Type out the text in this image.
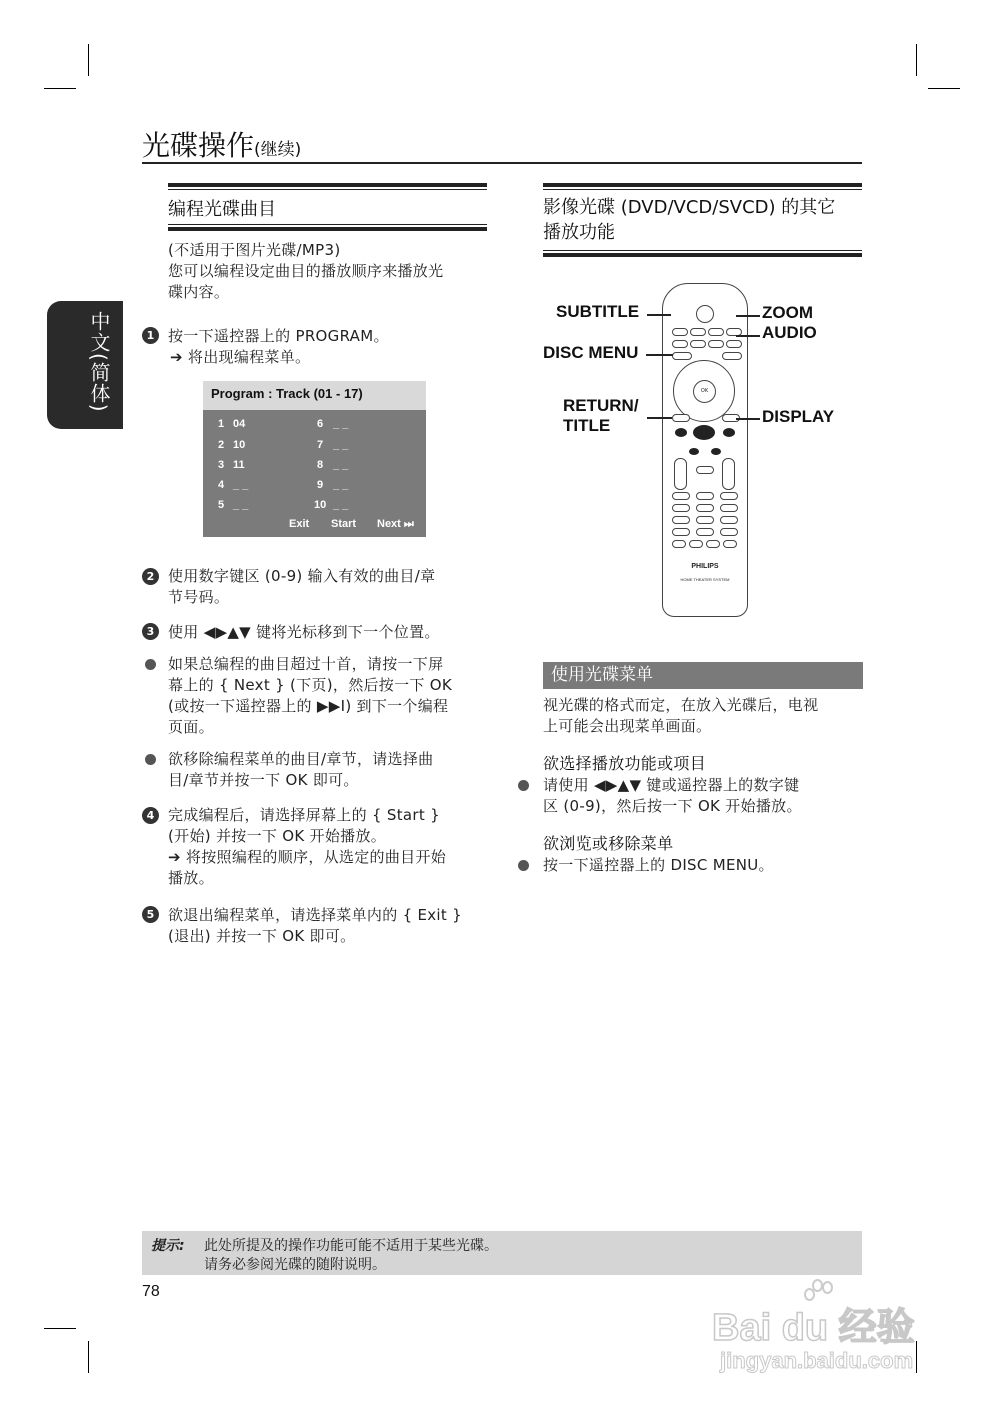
光碟操作(继续)
中文(简体)
编程光碟曲目
(不适用于图片光碟/MP3)
您可以编程设定曲目的播放顺序来播放光
碟内容。
1 按一下遥控器上的 PROGRAM。
➔ 将出现编程菜单。
Program : Track (01 - 17)
1 04
2 10
3 11
4 _ _
5 _ _
6 _ _
7 _ _
8 _ _
9 _ _
10 _ _
Exit Start Next ⏭
2 使用数字键区 (0-9) 输入有效的曲目/章
节号码。
3 使用 ◀▶▲▼ 键将光标移到下一个位置。
如果总编程的曲目超过十首，请按一下屏
幕上的 { Next } (下页)，然后按一下 OK
(或按一下遥控器上的 ▶▶I) 到下一个编程
页面。
欲移除编程菜单的曲目/章节，请选择曲
目/章节并按一下 OK 即可。
4 完成编程后，请选择屏幕上的 { Start }
(开始) 并按一下 OK 开始播放。
➔ 将按照编程的顺序，从选定的曲目开始
播放。
5 欲退出编程菜单，请选择菜单内的 { Exit }
(退出) 并按一下 OK 即可。
影像光碟 (DVD/VCD/SVCD) 的其它
播放功能
OK
PHILIPS
HOME THEATER SYSTEM
SUBTITLE
DISC MENU
RETURN/
TITLE
ZOOM
AUDIO
DISPLAY
使用光碟菜单
视光碟的格式而定，在放入光碟后，电视
上可能会出现菜单画面。
欲选择播放功能或项目
请使用 ◀▶▲▼ 键或遥控器上的数字键
区 (0-9)，然后按一下 OK 开始播放。
欲浏览或移除菜单
按一下遥控器上的 DISC MENU。
提示: 此处所提及的操作功能可能不适用于某些光碟。
请务必参阅光碟的随附说明。
78
Bai du 经验
jingyan.baidu.com
